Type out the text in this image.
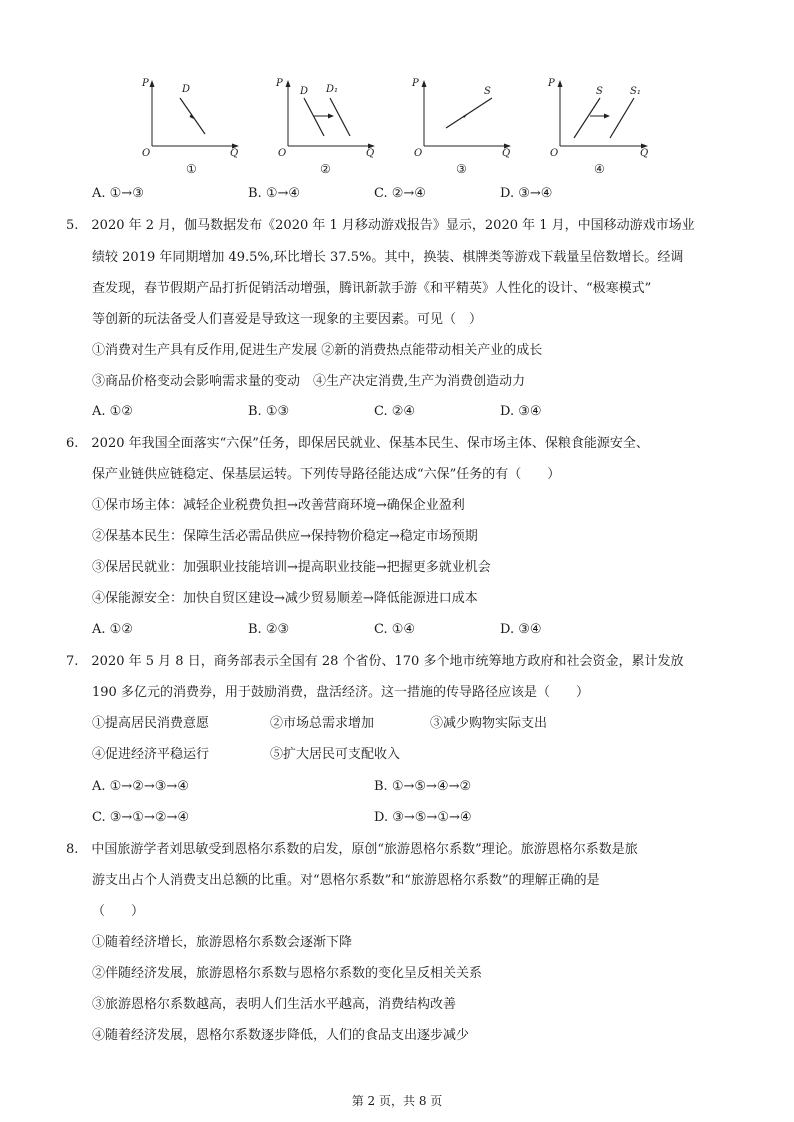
P
Q
O
D
①
P
Q
O
D D₁
②
P
Q
O
S
③
P
Q
O
S	S₁
④
A. ①→③	B. ①→④	C. ②→④	D. ③→④
5.　2020 年 2 月，伽马数据发布《2020 年 1 月移动游戏报告》显示，2020 年 1 月，中国移动游戏市场业
绩较 2019 年同期增加 49.5%,环比增长 37.5%。其中，换装、棋牌类等游戏下载量呈倍数增长。经调
查发现，春节假期产品打折促销活动增强，腾讯新款手游《和平精英》人性化的设计、“极寒模式”
等创新的玩法备受人们喜爱是导致这一现象的主要因素。可见（　）
①消费对生产具有反作用,促进生产发展 ②新的消费热点能带动相关产业的成长
③商品价格变动会影响需求量的变动　④生产决定消费,生产为消费创造动力
A. ①②	B. ①③	C. ②④	D. ③④
6.　2020 年我国全面落实“六保”任务，即保居民就业、保基本民生、保市场主体、保粮食能源安全、
保产业链供应链稳定、保基层运转。下列传导路径能达成“六保”任务的有（　　）
①保市场主体：减轻企业税费负担→改善营商环境→确保企业盈利
②保基本民生：保障生活必需品供应→保持物价稳定→稳定市场预期
③保居民就业：加强职业技能培训→提高职业技能→把握更多就业机会
④保能源安全：加快自贸区建设→减少贸易顺差→降低能源进口成本
A. ①②	B. ②③	C. ①④	D. ③④
7.　2020 年 5 月 8 日，商务部表示全国有 28 个省份、170 多个地市统筹地方政府和社会资金，累计发放
190 多亿元的消费券，用于鼓励消费，盘活经济。这一措施的传导路径应该是（　　）
①提高居民消费意愿	②市场总需求增加	③减少购物实际支出
④促进经济平稳运行	⑤扩大居民可支配收入
A. ①→②→③→④	B. ①→⑤→④→②
C. ③→①→②→④	D. ③→⑤→①→④
8.　中国旅游学者刘思敏受到恩格尔系数的启发，原创“旅游恩格尔系数”理论。旅游恩格尔系数是旅
游支出占个人消费支出总额的比重。对“恩格尔系数”和“旅游恩格尔系数”的理解正确的是
（　　）
①随着经济增长，旅游恩格尔系数会逐渐下降
②伴随经济发展，旅游恩格尔系数与恩格尔系数的变化呈反相关关系
③旅游恩格尔系数越高，表明人们生活水平越高，消费结构改善
④随着经济发展，恩格尔系数逐步降低，人们的食品支出逐步减少
第 2 页，共 8 页
